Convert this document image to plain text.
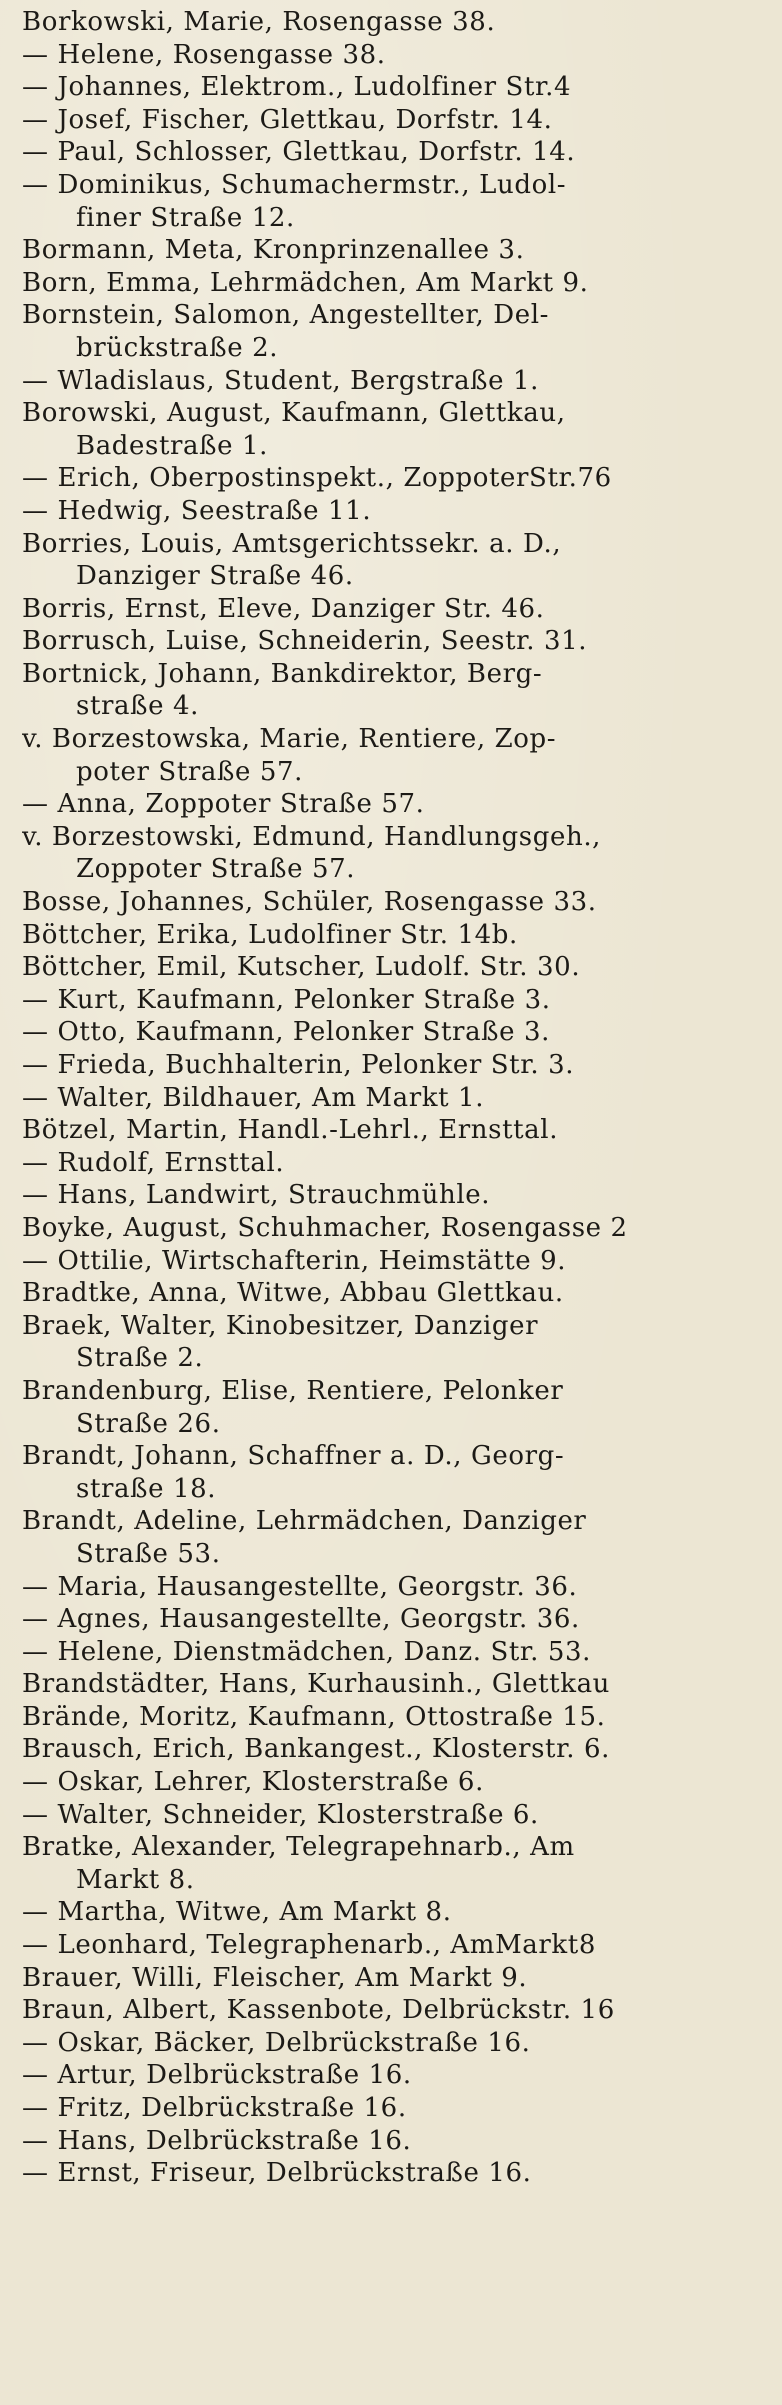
Borkowski, Marie, Rosengasse 38.
— Helene, Rosengasse 38.
— Johannes, Elektrom., Ludolfiner Str.4
— Josef, Fischer, Glettkau, Dorfstr. 14.
— Paul, Schlosser, Glettkau, Dorfstr. 14.
— Dominikus, Schumachermstr., Ludol-
finer Straße 12.
Bormann, Meta, Kronprinzenallee 3.
Born, Emma, Lehrmädchen, Am Markt 9.
Bornstein, Salomon, Angestellter, Del-
brückstraße 2.
— Wladislaus, Student, Bergstraße 1.
Borowski, August, Kaufmann, Glettkau,
Badestraße 1.
— Erich, Oberpostinspekt., ZoppoterStr.76
— Hedwig, Seestraße 11.
Borries, Louis, Amtsgerichtssekr. a. D.,
Danziger Straße 46.
Borris, Ernst, Eleve, Danziger Str. 46.
Borrusch, Luise, Schneiderin, Seestr. 31.
Bortnick, Johann, Bankdirektor, Berg-
straße 4.
v. Borzestowska, Marie, Rentiere, Zop-
poter Straße 57.
— Anna, Zoppoter Straße 57.
v. Borzestowski, Edmund, Handlungsgeh.,
Zoppoter Straße 57.
Bosse, Johannes, Schüler, Rosengasse 33.
Böttcher, Erika, Ludolfiner Str. 14b.
Böttcher, Emil, Kutscher, Ludolf. Str. 30.
— Kurt, Kaufmann, Pelonker Straße 3.
— Otto, Kaufmann, Pelonker Straße 3.
— Frieda, Buchhalterin, Pelonker Str. 3.
— Walter, Bildhauer, Am Markt 1.
Bötzel, Martin, Handl.-Lehrl., Ernsttal.
— Rudolf, Ernsttal.
— Hans, Landwirt, Strauchmühle.
Boyke, August, Schuhmacher, Rosengasse 2
— Ottilie, Wirtschafterin, Heimstätte 9.
Bradtke, Anna, Witwe, Abbau Glettkau.
Braek, Walter, Kinobesitzer, Danziger
Straße 2.
Brandenburg, Elise, Rentiere, Pelonker
Straße 26.
Brandt, Johann, Schaffner a. D., Georg-
straße 18.
Brandt, Adeline, Lehrmädchen, Danziger
Straße 53.
— Maria, Hausangestellte, Georgstr. 36.
— Agnes, Hausangestellte, Georgstr. 36.
— Helene, Dienstmädchen, Danz. Str. 53.
Brandstädter, Hans, Kurhausinh., Glettkau
Brände, Moritz, Kaufmann, Ottostraße 15.
Brausch, Erich, Bankangest., Klosterstr. 6.
— Oskar, Lehrer, Klosterstraße 6.
— Walter, Schneider, Klosterstraße 6.
Bratke, Alexander, Telegrapehnarb., Am
Markt 8.
— Martha, Witwe, Am Markt 8.
— Leonhard, Telegraphenarb., AmMarkt8
Brauer, Willi, Fleischer, Am Markt 9.
Braun, Albert, Kassenbote, Delbrückstr. 16
— Oskar, Bäcker, Delbrückstraße 16.
— Artur, Delbrückstraße 16.
— Fritz, Delbrückstraße 16.
— Hans, Delbrückstraße 16.
— Ernst, Friseur, Delbrückstraße 16.
